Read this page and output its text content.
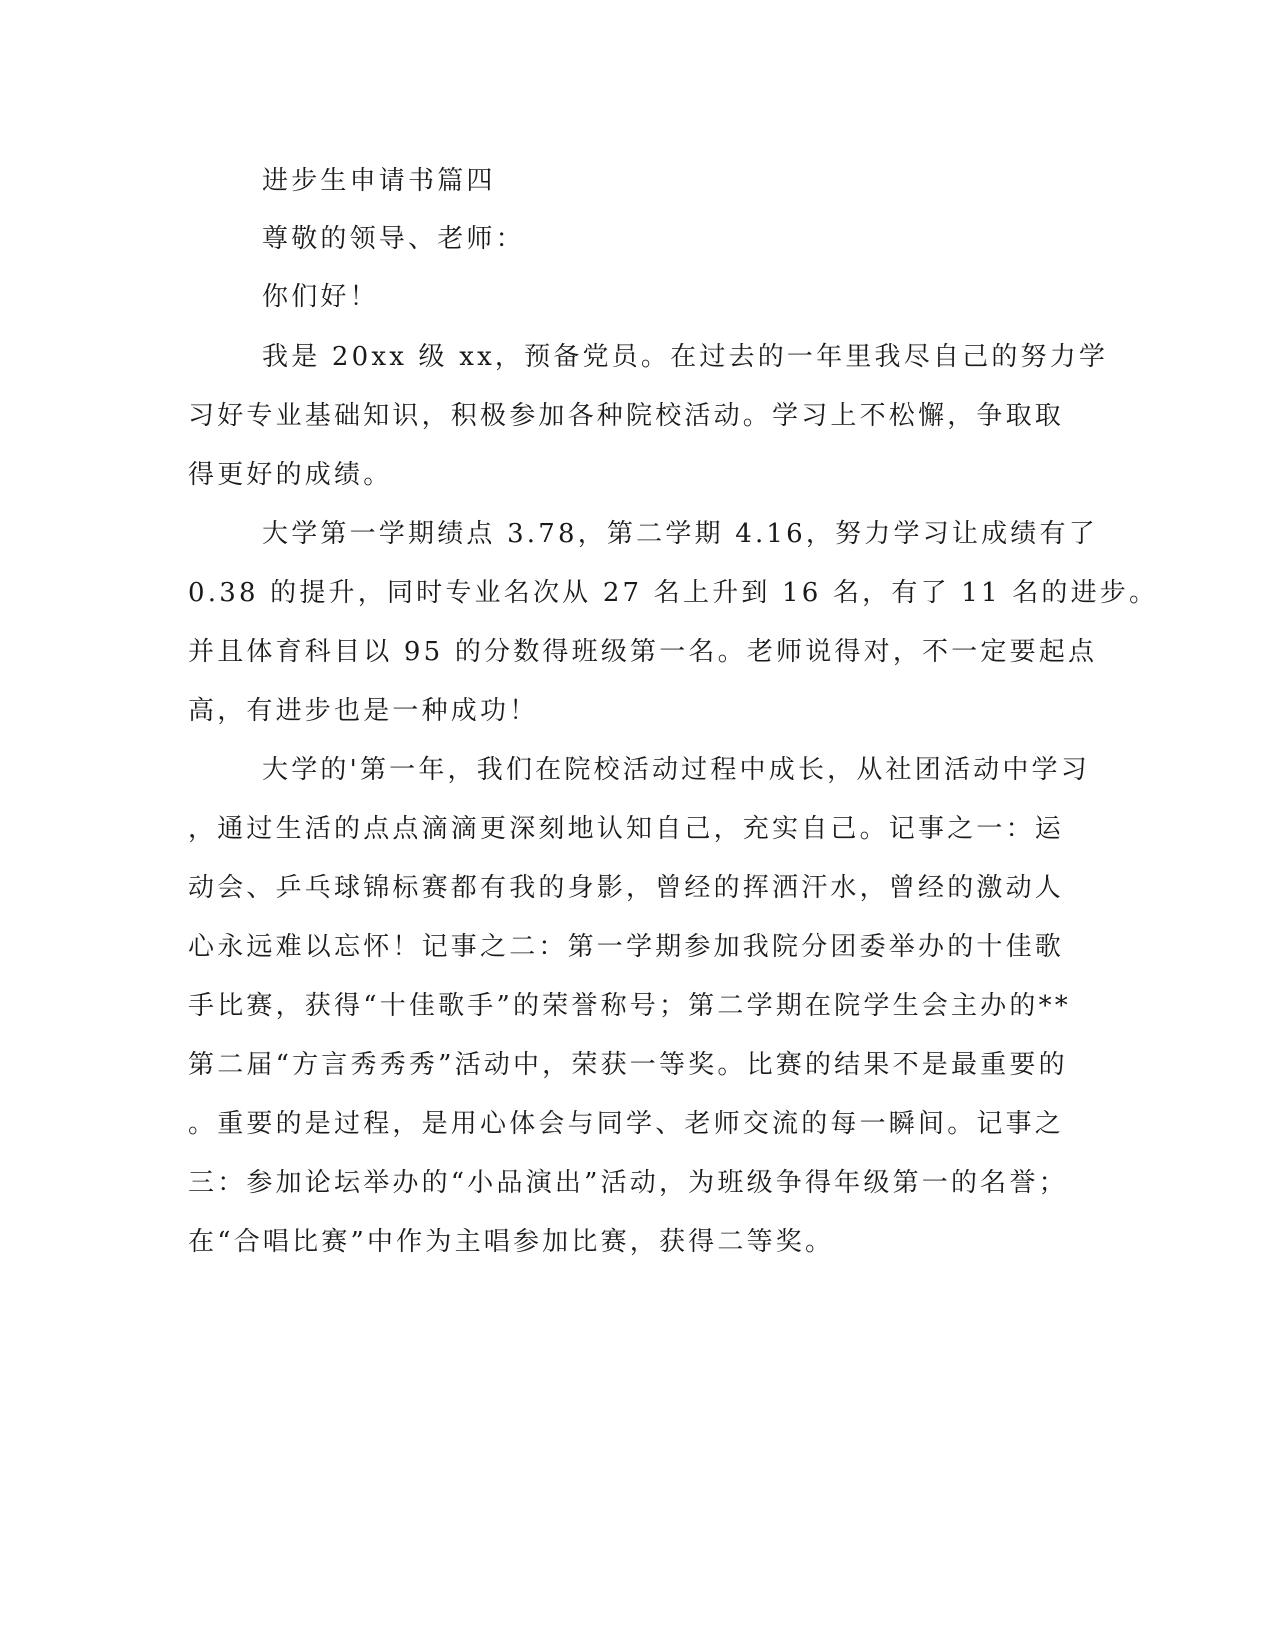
进步生申请书篇四
尊敬的领导、老师：
你们好！
我是 20xx 级 xx，预备党员。在过去的一年里我尽自己的努力学
习好专业基础知识，积极参加各种院校活动。学习上不松懈，争取取
得更好的成绩。
大学第一学期绩点 3.78，第二学期 4.16，努力学习让成绩有了
0.38 的提升，同时专业名次从 27 名上升到 16 名，有了 11 名的进步。
并且体育科目以 95 的分数得班级第一名。老师说得对，不一定要起点
高，有进步也是一种成功！
大学的'第一年，我们在院校活动过程中成长，从社团活动中学习
，通过生活的点点滴滴更深刻地认知自己，充实自己。记事之一：运
动会、乒乓球锦标赛都有我的身影，曾经的挥洒汗水，曾经的激动人
心永远难以忘怀！记事之二：第一学期参加我院分团委举办的十佳歌
手比赛，获得“十佳歌手”的荣誉称号；第二学期在院学生会主办的**
第二届“方言秀秀秀”活动中，荣获一等奖。比赛的结果不是最重要的
。重要的是过程，是用心体会与同学、老师交流的每一瞬间。记事之
三：参加论坛举办的“小品演出”活动，为班级争得年级第一的名誉；
在“合唱比赛”中作为主唱参加比赛，获得二等奖。
